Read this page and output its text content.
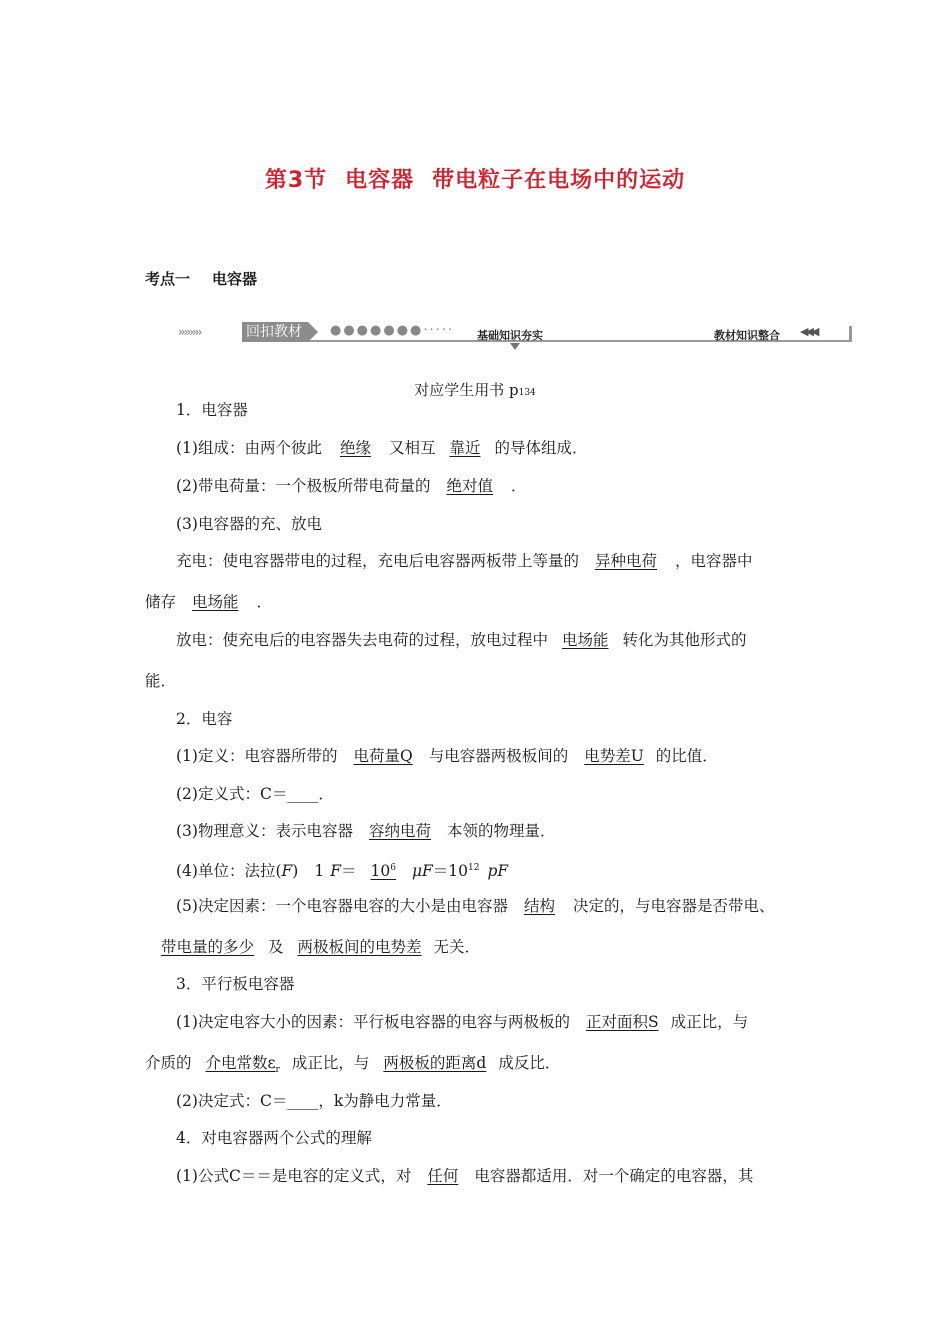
第3节 电容器 带电粒子在电场中的运动
考点一 电容器
››››››››	回扣教材	●●●●●●●····· 基础知识夯实	教材知识整合 ◀◀◀
对应学生用书 p134
1．电容器
(1)组成：由两个彼此 绝缘 又相互 靠近 的导体组成．
(2)带电荷量：一个极板所带电荷量的 绝对值 ．
(3)电容器的充、放电
充电：使电容器带电的过程，充电后电容器两板带上等量的 异种电荷 ，电容器中
储存 电场能 ．
放电：使充电后的电容器失去电荷的过程，放电过程中 电场能 转化为其他形式的
能．
2．电容
(1)定义：电容器所带的 电荷量Q 与电容器两极板间的 电势差U 的比值．
(2)定义式：C＝____．
(3)物理意义：表示电容器 容纳电荷 本领的物理量．
(4)单位：法拉(F) 1 $F= 10^6$ $\mu F=10^{12}$ pF
(5)决定因素：一个电容器电容的大小是由电容器 结构 决定的，与电容器是否带电、
带电量的多少 及 两极板间的电势差 无关．
3．平行板电容器
(1)决定电容大小的因素：平行板电容器的电容与两极板的 正对面积S 成正比，与
介质的 介电常数$\varepsilon_r$ 成正比，与 两极板的距离d 成反比．
(2)决定式：C＝____，k为静电力常量．
4．对电容器两个公式的理解
(1)公式C＝＝是电容的定义式，对 任何 电容器都适用．对一个确定的电容器，其
